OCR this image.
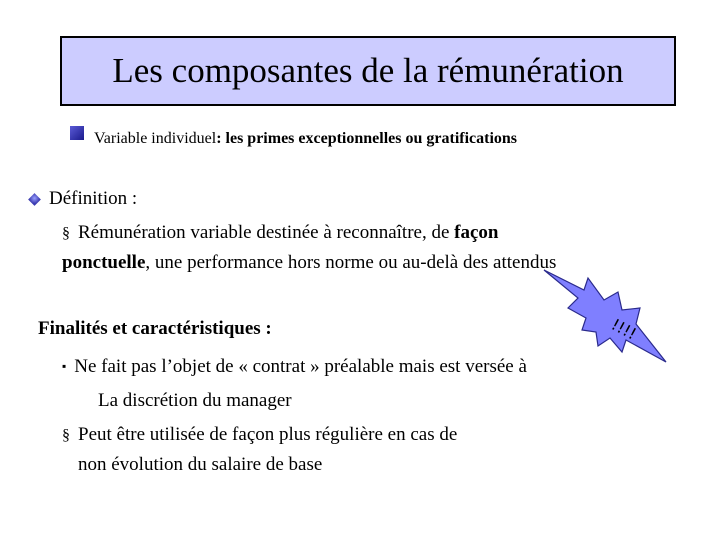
Les composantes de la rémunération
Variable individuel : les primes exceptionnelles ou gratifications
Définition :
§ Rémunération variable destinée à reconnaître, de façon
ponctuelle, une performance hors norme ou au-delà des attendus
!!!!
Finalités et caractéristiques :
▪ Ne fait pas l’objet de « contrat » préalable mais est versée à
La discrétion du manager
§ Peut être utilisée de façon plus régulière en cas de
non évolution du salaire de base
